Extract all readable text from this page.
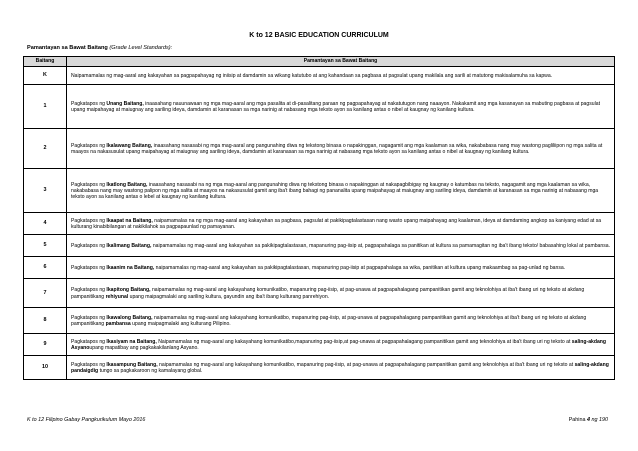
K to 12 BASIC EDUCATION CURRICULUM
Pamantayan sa Bawat Baitang (Grade Level Standards):
Baitang	Pamantayan sa Bawat Baitang
K	Naipamamalas ng mag-aaral ang kakayahan sa pagpapahayag ng iniisip at damdamin sa wikang katutubo at ang kahandaan sa pagbasa at pagsulat upang makilala ang sarili at matutong makisalamuha sa kapwa.
1	Pagkatapos ng Unang Baitang, inaasahang nauunawaan ng mga mag-aaral ang mga pasalita at di-pasalitang paraan ng pagpapahayag at nakatutugon nang naaayon. Nakakamit ang mga kasanayan sa mabuting pagbasa at pagsulat upang maipahayag at maiugnay ang sariling ideya, damdamin at karanasan sa mga narinig at nabasang mga teksto ayon sa kanilang antas o nibel at kaugnay ng kanilang kultura.
2	Pagkatapos ng Ikalawang Baitang, inaasahang nasasabi ng mga mag-aaral ang pangunahing diwa ng tekstong binasa o napakinggan, nagagamit ang mga kaalaman sa wika, nakababasa nang may wastong pagliliipon ng mga salita at maayos na nakasusulat upang maipahayag at maiugnay ang sariling ideya, damdamin at karanasan sa mga narinig at nabasang mga teksto ayon sa kanilang antas o nibel at kaugnay ng kanilang kultura.
3	Pagkatapos ng Ikatlong Baitang, inaasahang nasasabi na ng mga mag-aaral ang pangunahing diwa ng tekstong binasa o napakinggan at nakapagbibigay ng kaugnay o katumbas na teksto, nagagamit ang mga kaalaman sa wika, nakababasa nang may wastong palipon ng mga salita at maayos na nakasusulat gamit ang iba't ibang bahagi ng pananalita upang maipahayag at maiugnay ang sariling ideya, damdamin at karanasan sa mga narinig at nabasang mga teksto ayon sa kanilang antas o lebel at kaugnay ng kanilang kultura.
4	Pagkatapos ng Ikaapat na Baitang, naipamamalas na ng mga mag-aaral ang kakayahan sa pagbasa, pagsulat at pakikipagtalastasan nang wasto upang maipahayag ang kaalaman, ideya at damdaming angkop sa kaniyang edad at sa kulturang kinabibilangan at nakikilahok sa pagpapaunlad ng pamayanan.
5	Pagkatapos ng Ikalimang Baitang, naipamamalas ng mag-aaral ang kakayahan sa pakikipagtalastasan, mapanuring pag-iisip at, pagpapahalaga sa panitikan at kultura sa pamamagitan ng iba't ibang teksto/ babasahing lokal at pambansa.
6	Pagkatapos ng Ikaanim na Baitang, naipamamalas ng mag-aaral ang kakayahan sa pakikipagtalastasan, mapanuring pag-iisip at pagpapahalaga sa wika, panitikan at kultura upang makaambag sa pag-unlad ng bansa.
7	Pagkatapos ng Ikapitong Baitang, naipamamalas ng mag-aaral ang kakayahang komunikatibo, mapanuring pag-iisip, at pag-unawa at pagpapahalagang pampanitikan gamit ang teknolohiya at iba't ibang uri ng teksto at akdang pampanitikang rehiyunal upang maipagmalaki ang sariling kultura, gayundin ang iba't ibang kulturang panrehiyon.
8	Pagkatapos ng Ikawalong Baitang, naipamamalas ng mag-aaral ang kakayahang komunikatibo, mapanuring pag-iisip, at pag-unawa at pagpapahalagang pampanitikan gamit ang teknolohiya at iba't ibang uri ng teksto at akdang pampanitikang pambansa upang maipagmalaki ang kulturang Pilipino.
9	Pagkatapos ng Ikasiyam na Baitang, Naipamamalas ng mag-aaral ang kakayahang komunikatibo,mapanuring pag-iisip,at pag-unawa at pagpapahalagang pampanitikan gamit ang teknolohiya at iba't ibang uri ng teksto at saling-akdang Asyanoupang mapatibay ang pagkakakilanlang Asyano.
10	Pagkatapos ng Ikasampung Baitang, naipamamalas ng mag-aaral ang kakayahang komunikatibo, mapanuring pag-iisip, at pag-unawa at pagpapahalagang pampanitikan gamit ang teknolohiya at iba't ibang uri ng teksto at saling-akdang pandaigdig tungo sa pagkakaroon ng kamalayang global.
K to 12 Filipino Gabay Pangkurikulum Mayo 2016	Pahina 4 ng 190
